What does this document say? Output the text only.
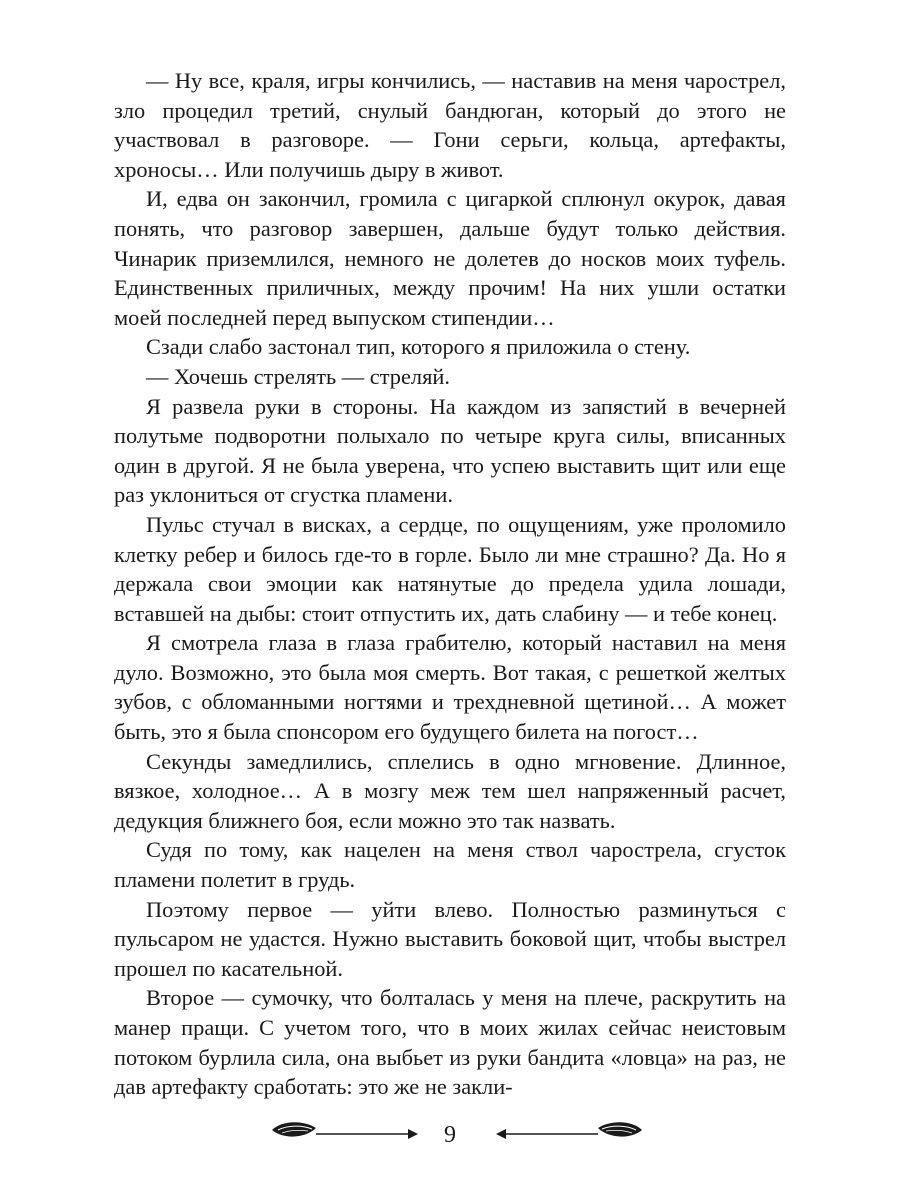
— Ну все, краля, игры кончились, — наставив на меня чарострел, зло процедил третий, снулый бандюган, который до этого не участвовал в разговоре. — Гони серьги, кольца, артефакты, хроносы… Или получишь дыру в живот.

И, едва он закончил, громила с цигаркой сплюнул окурок, давая понять, что разговор завершен, дальше будут только действия. Чинарик приземлился, немного не долетев до носков моих туфель. Единственных приличных, между прочим! На них ушли остатки моей последней перед выпуском стипендии…

Сзади слабо застонал тип, которого я приложила о стену.

— Хочешь стрелять — стреляй.

Я развела руки в стороны. На каждом из запястий в вечерней полутьме подворотни полыхало по четыре круга силы, вписанных один в другой. Я не была уверена, что успею выставить щит или еще раз уклониться от сгустка пламени.

Пульс стучал в висках, а сердце, по ощущениям, уже проломило клетку ребер и билось где-то в горле. Было ли мне страшно? Да. Но я держала свои эмоции как натянутые до предела удила лошади, вставшей на дыбы: стоит отпустить их, дать слабину — и тебе конец.

Я смотрела глаза в глаза грабителю, который наставил на меня дуло. Возможно, это была моя смерть. Вот такая, с решеткой желтых зубов, с обломанными ногтями и трехдневной щетиной… А может быть, это я была спонсором его будущего билета на погост…

Секунды замедлились, сплелись в одно мгновение. Длинное, вязкое, холодное… А в мозгу меж тем шел напряженный расчет, дедукция ближнего боя, если можно это так назвать.

Судя по тому, как нацелен на меня ствол чарострела, сгусток пламени полетит в грудь.

Поэтому первое — уйти влево. Полностью разминуться с пульсаром не удастся. Нужно выставить боковой щит, чтобы выстрел прошел по касательной.

Второе — сумочку, что болталась у меня на плече, раскрутить на манер пращи. С учетом того, что в моих жилах сейчас неистовым потоком бурлила сила, она выбьет из руки бандита «ловца» на раз, не дав артефакту сработать: это же не закли-

9
